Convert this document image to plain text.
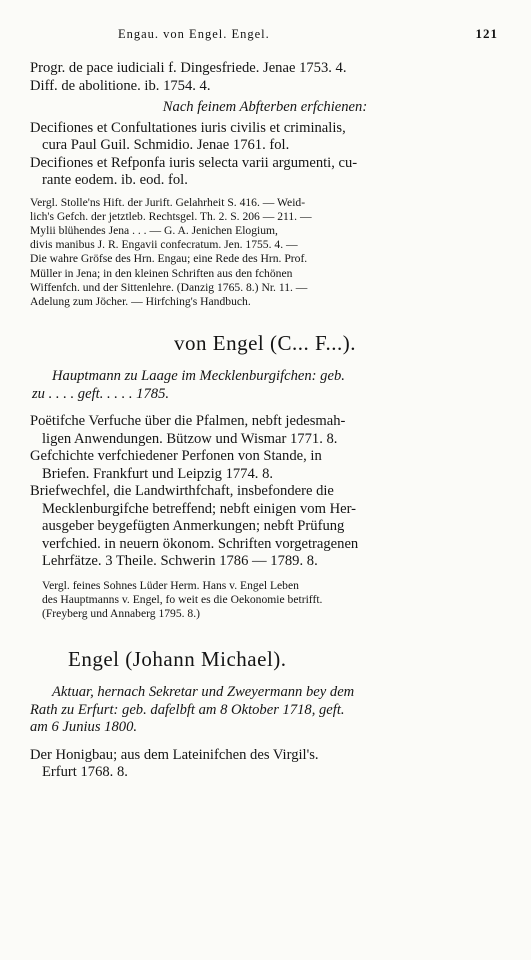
Engau. von Engel. Engel.	121
Progr. de pace iudiciali f. Dingesfriede. Jenae 1753. 4.
Diff. de abolitione. ib. 1754. 4.
Nach feinem Abfterben erfchienen:
Decifiones et Confultationes iuris civilis et criminalis,
cura Paul Guil. Schmidio. Jenae 1761. fol.
Decifiones et Refponfa iuris selecta varii argumenti, cu-
rante eodem. ib. eod. fol.
Vergl. Stolle'ns Hift. der Jurift. Gelahrheit S. 416. — Weid-
lich's Gefch. der jetztleb. Rechtsgel. Th. 2. S. 206 — 211. —
Mylii blühendes Jena . . . — G. A. Jenichen Elogium,
divis manibus J. R. Engavii confecratum. Jen. 1755. 4. —
Die wahre Gröfse des Hrn. Engau; eine Rede des Hrn. Prof.
Müller in Jena; in den kleinen Schriften aus den fchönen
Wiffenfch. und der Sittenlehre. (Danzig 1765. 8.) Nr. 11. —
Adelung zum Jöcher. — Hirfching's Handbuch.
von Engel (C... F...).
Hauptmann zu Laage im Mecklenburgifchen: geb.
zu . . . . geft. . . . . 1785.
Poëtifche Verfuche über die Pfalmen, nebft jedesmah-
ligen Anwendungen. Bützow und Wismar 1771. 8.
Gefchichte verfchiedener Perfonen von Stande, in
Briefen. Frankfurt und Leipzig 1774. 8.
Briefwechfel, die Landwirthfchaft, insbefondere die
Mecklenburgifche betreffend; nebft einigen vom Her-
ausgeber beygefügten Anmerkungen; nebft Prüfung
verfchied. in neuern ökonom. Schriften vorgetragenen
Lehrfätze. 3 Theile. Schwerin 1786 — 1789. 8.
Vergl. feines Sohnes Lüder Herm. Hans v. Engel Leben
des Hauptmanns v. Engel, fo weit es die Oekonomie betrifft.
(Freyberg und Annaberg 1795. 8.)
Engel (Johann Michael).
Aktuar, hernach Sekretar und Zweyermann bey dem
Rath zu Erfurt: geb. dafelbft am 8 Oktober 1718, geft.
am 6 Junius 1800.
Der Honigbau; aus dem Lateinifchen des Virgil's.
Erfurt 1768. 8.
